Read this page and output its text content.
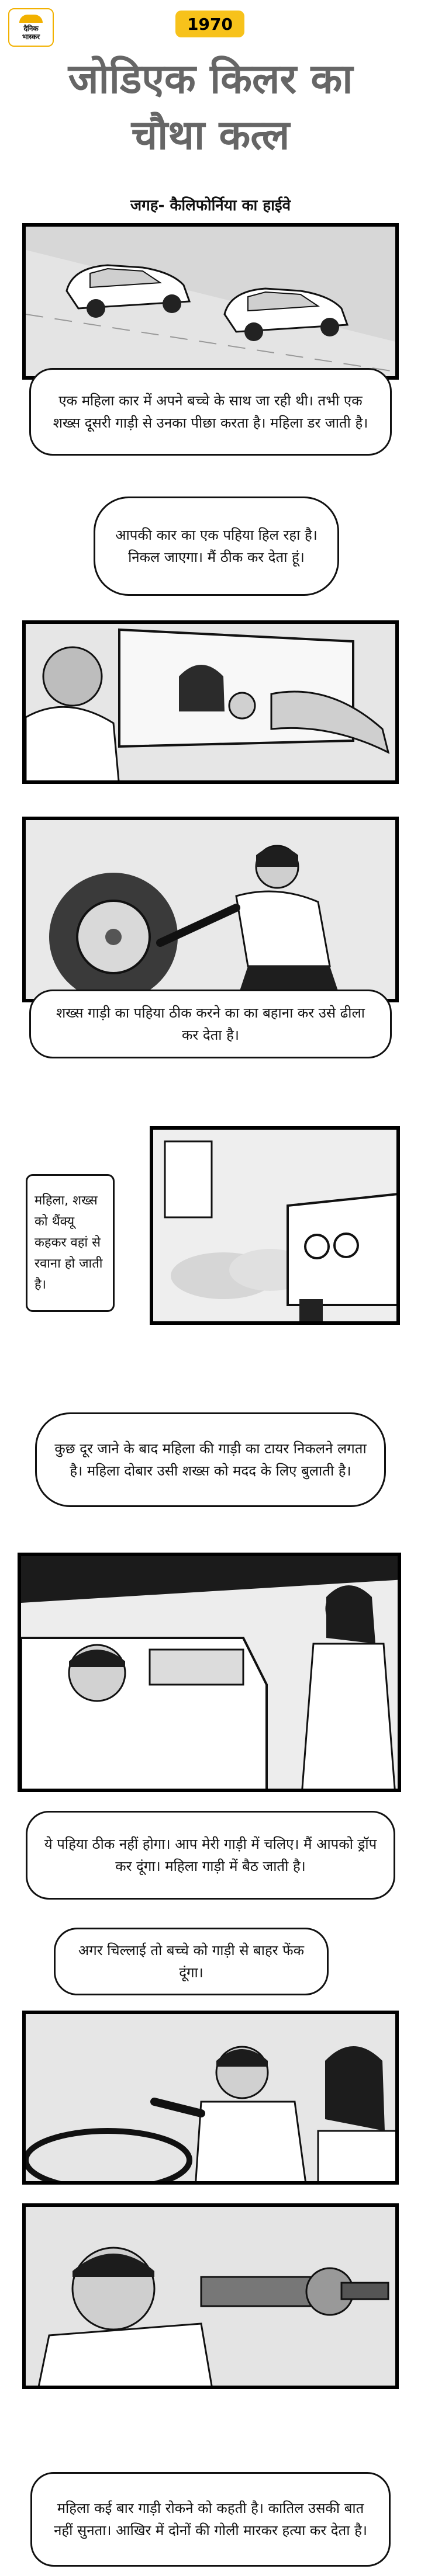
दैनिक
भास्कर
1970
जोडिएक किलर का
चौथा कत्ल
जगह- कैलिफोर्निया का हाईवे
एक महिला कार में अपने बच्चे के साथ जा रही थी। तभी एक शख्स दूसरी गाड़ी से उनका पीछा करता है। महिला डर जाती है।
आपकी कार का एक पहिया हिल रहा है। निकल जाएगा। मैं ठीक कर देता हूं।
शख्स गाड़ी का पहिया ठीक करने का का बहाना कर उसे ढीला कर देता है।
महिला, शख्स को थैंक्यू कहकर वहां से रवाना हो जाती है।
कुछ दूर जाने के बाद महिला की गाड़ी का टायर निकलने लगता है। महिला दोबार उसी शख्स को मदद के लिए बुलाती है।
ये पहिया ठीक नहीं होगा। आप मेरी गाड़ी में चलिए। मैं आपको ड्रॉप कर दूंगा। महिला गाड़ी में बैठ जाती है।
अगर चिल्लाई तो बच्चे को गाड़ी से बाहर फेंक दूंगा।
महिला कई बार गाड़ी रोकने को कहती है। कातिल उसकी बात नहीं सुनता। आखिर में दोनों की गोली मारकर हत्या कर देता है।
